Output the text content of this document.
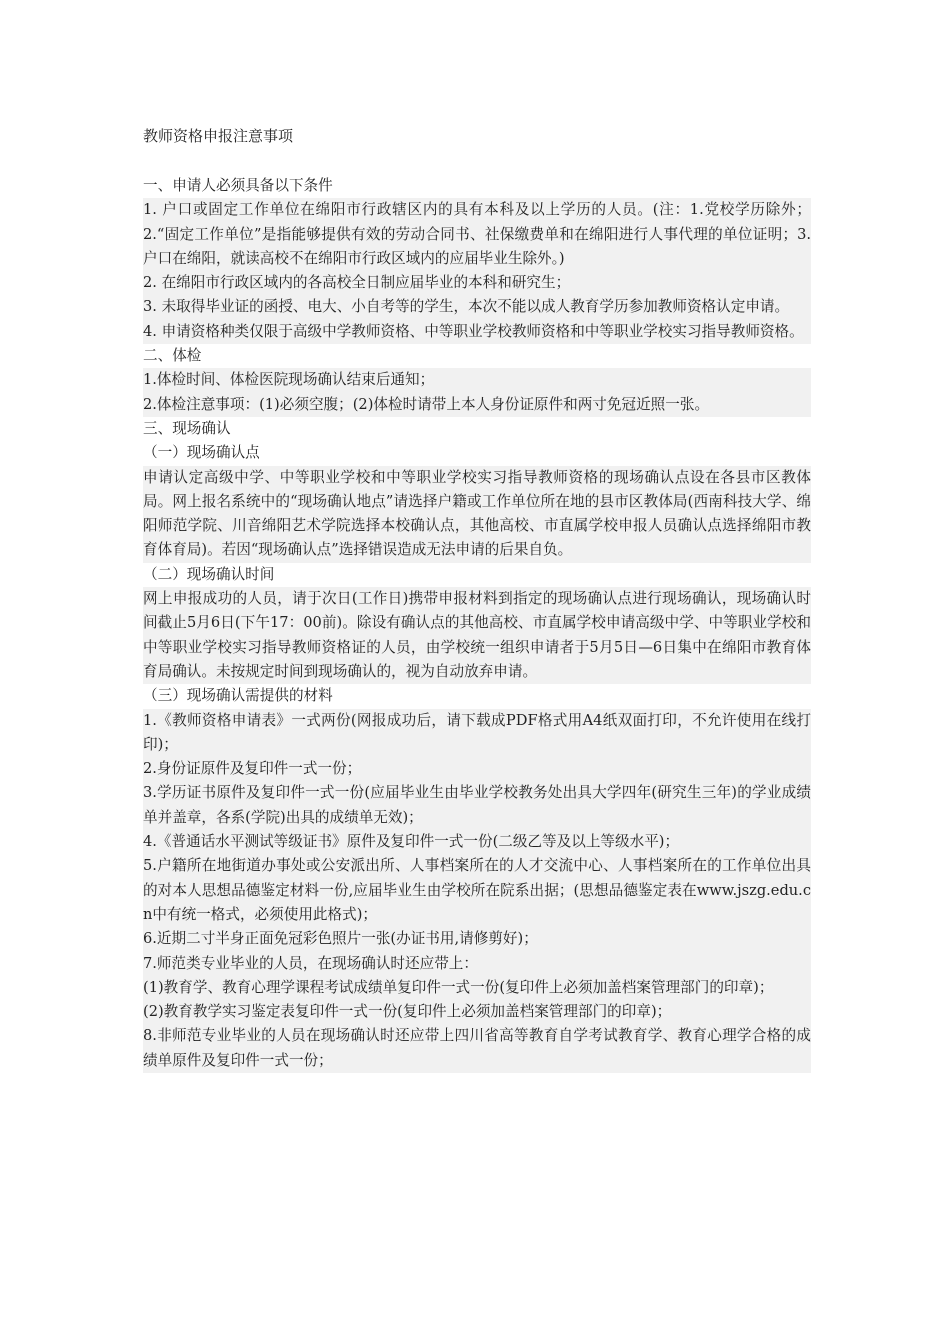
教师资格申报注意事项

一、申请人必须具备以下条件

1. 户口或固定工作单位在绵阳市行政辖区内的具有本科及以上学历的人员。(注：1.党校学历除外；2.“固定工作单位”是指能够提供有效的劳动合同书、社保缴费单和在绵阳进行人事代理的单位证明；3.户口在绵阳，就读高校不在绵阳市行政区域内的应届毕业生除外。)

2. 在绵阳市行政区域内的各高校全日制应届毕业的本科和研究生；

3. 未取得毕业证的函授、电大、小自考等的学生，本次不能以成人教育学历参加教师资格认定申请。

4. 申请资格种类仅限于高级中学教师资格、中等职业学校教师资格和中等职业学校实习指导教师资格。

二、体检

1.体检时间、体检医院现场确认结束后通知；

2.体检注意事项：(1)必须空腹；(2)体检时请带上本人身份证原件和两寸免冠近照一张。

三、现场确认

（一）现场确认点

申请认定高级中学、中等职业学校和中等职业学校实习指导教师资格的现场确认点设在各县市区教体局。网上报名系统中的“现场确认地点”请选择户籍或工作单位所在地的县市区教体局(西南科技大学、绵阳师范学院、川音绵阳艺术学院选择本校确认点，其他高校、市直属学校申报人员确认点选择绵阳市教育体育局)。若因“现场确认点”选择错误造成无法申请的后果自负。

（二）现场确认时间

网上申报成功的人员，请于次日(工作日)携带申报材料到指定的现场确认点进行现场确认，现场确认时间截止5月6日(下午17：00前)。除设有确认点的其他高校、市直属学校申请高级中学、中等职业学校和中等职业学校实习指导教师资格证的人员，由学校统一组织申请者于5月5日—6日集中在绵阳市教育体育局确认。未按规定时间到现场确认的，视为自动放弃申请。

（三）现场确认需提供的材料

1.《教师资格申请表》一式两份(网报成功后，请下载成PDF格式用A4纸双面打印，不允许使用在线打印)；

2.身份证原件及复印件一式一份；

3.学历证书原件及复印件一式一份(应届毕业生由毕业学校教务处出具大学四年(研究生三年)的学业成绩单并盖章，各系(学院)出具的成绩单无效)；

4.《普通话水平测试等级证书》原件及复印件一式一份(二级乙等及以上等级水平)；

5.户籍所在地街道办事处或公安派出所、人事档案所在的人才交流中心、人事档案所在的工作单位出具的对本人思想品德鉴定材料一份,应届毕业生由学校所在院系出据；(思想品德鉴定表在www.jszg.edu.cn中有统一格式，必须使用此格式)；

6.近期二寸半身正面免冠彩色照片一张(办证书用,请修剪好)；

7.师范类专业毕业的人员，在现场确认时还应带上：

(1)教育学、教育心理学课程考试成绩单复印件一式一份(复印件上必须加盖档案管理部门的印章)；

(2)教育教学实习鉴定表复印件一式一份(复印件上必须加盖档案管理部门的印章)；

8.非师范专业毕业的人员在现场确认时还应带上四川省高等教育自学考试教育学、教育心理学合格的成绩单原件及复印件一式一份；
